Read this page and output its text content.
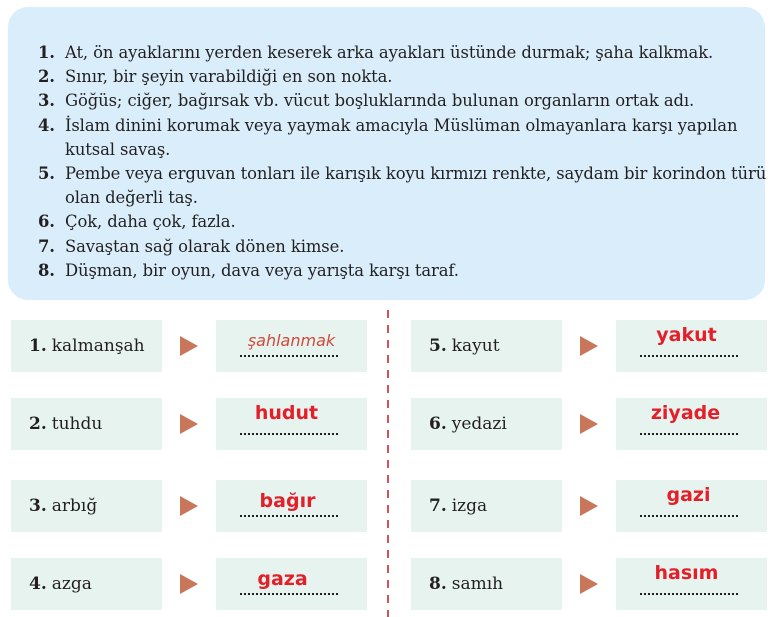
1. At, ön ayaklarını yerden keserek arka ayakları üstünde durmak; şaha kalkmak.
2. Sınır, bir şeyin varabildiği en son nokta.
3. Göğüs; ciğer, bağırsak vb. vücut boşluklarında bulunan organların ortak adı.
4. İslam dinini korumak veya yaymak amacıyla Müslüman olmayanlara karşı yapılan kutsal savaş.
5. Pembe veya erguvan tonları ile karışık koyu kırmızı renkte, saydam bir korindon türü olan değerli taş.
6. Çok, daha çok, fazla.
7. Savaştan sağ olarak dönen kimse.
8. Düşman, bir oyun, dava veya yarışta karşı taraf.
1. kalmanşah	şahlanmak
2. tuhdu	hudut
3. arbığ	bağır
4. azga	gaza
5. kayut	yakut
6. yedazi	ziyade
7. izga	gazi
8. samıh	hasım
